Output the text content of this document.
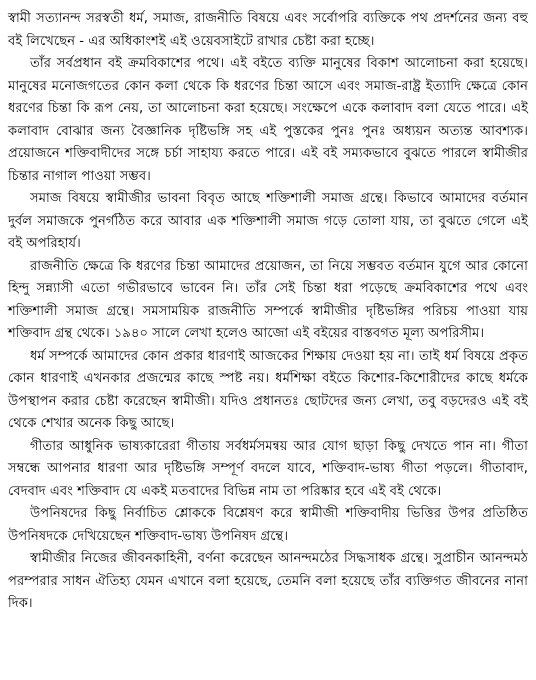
স্বামী সত্যানন্দ সরস্বতী ধর্ম, সমাজ, রাজনীতি বিষয়ে এবং সর্বোপরি ব্যক্তিকে পথ প্রদর্শনের জন্য বহু বই লিখেছেন - এর অধিকাংশই এই ওয়েবসাইটে রাখার চেষ্টা করা হচ্ছে।

তাঁর সর্বপ্রধান বই ক্রমবিকাশের পথে। এই বইতে ব্যক্তি মানুষের বিকাশ আলোচনা করা হয়েছে। মানুষের মনোজগতের কোন কলা থেকে কি ধরণের চিন্তা আসে এবং সমাজ-রাষ্ট্র ইত্যাদি ক্ষেত্রে কোন ধরণের চিন্তা কি রূপ নেয়, তা আলোচনা করা হয়েছে। সংক্ষেপে একে কলাবাদ বলা যেতে পারে। এই কলাবাদ বোঝার জন্য বৈজ্ঞানিক দৃষ্টিভঙ্গি সহ এই পুস্তকের পুনঃ পুনঃ অধ্যয়ন অত্যন্ত আবশ্যক। প্রয়োজনে শক্তিবাদীদের সঙ্গে চর্চা সাহায্য করতে পারে। এই বই সম্যকভাবে বুঝতে পারলে স্বামীজীর চিন্তার নাগাল পাওয়া সম্ভব।

সমাজ বিষয়ে স্বামীজীর ভাবনা বিবৃত আছে শক্তিশালী সমাজ গ্রন্থে। কিভাবে আমাদের বর্তমান দুর্বল সমাজকে পুনর্গঠিত করে আবার এক শক্তিশালী সমাজ গড়ে তোলা যায়, তা বুঝতে গেলে এই বই অপরিহার্য।

রাজনীতি ক্ষেত্রে কি ধরণের চিন্তা আমাদের প্রয়োজন, তা নিয়ে সম্ভবত বর্তমান যুগে আর কোনো হিন্দু সন্ন্যাসী এতো গভীরভাবে ভাবেন নি। তাঁর সেই চিন্তা ধরা পড়েছে ক্রমবিকাশের পথে এবং শক্তিশালী সমাজ গ্রন্থে। সমসাময়িক রাজনীতি সম্পর্কে স্বামীজীর দৃষ্টিভঙ্গির পরিচয় পাওয়া যায় শক্তিবাদ গ্রন্থ থেকে। ১৯৪০ সালে লেখা হলেও আজো এই বইয়ের বাস্তবগত মূল্য অপরিসীম।

ধর্ম সম্পর্কে আমাদের কোন প্রকার ধারণাই আজকের শিক্ষায় দেওয়া হয় না। তাই ধর্ম বিষয়ে প্রকৃত কোন ধারণাই এখনকার প্রজন্মের কাছে স্পষ্ট নয়। ধর্মশিক্ষা বইতে কিশোর-কিশোরীদের কাছে ধর্মকে উপস্থাপন করার চেষ্টা করেছেন স্বামীজী। যদিও প্রধানতঃ ছোটদের জন্য লেখা, তবু বড়দেরও এই বই থেকে শেখার অনেক কিছু আছে।

গীতার আধুনিক ভাষ্যকারেরা গীতায় সর্বধর্মসমন্বয় আর যোগ ছাড়া কিছু দেখতে পান না। গীতা সম্বন্ধে আপনার ধারণা আর দৃষ্টিভঙ্গি সম্পূর্ণ বদলে যাবে, শক্তিবাদ-ভাষ্য গীতা পড়লে। গীতাবাদ, বেদবাদ এবং শক্তিবাদ যে একই মতবাদের বিভিন্ন নাম তা পরিষ্কার হবে এই বই থেকে।

উপনিষদের কিছু নির্বাচিত শ্লোককে বিশ্লেষণ করে স্বামীজী শক্তিবাদীয় ভিত্তির উপর প্রতিষ্ঠিত উপনিষদকে দেখিয়েছেন শক্তিবাদ-ভাষ্য উপনিষদ গ্রন্থে।

স্বামীজীর নিজের জীবনকাহিনী, বর্ণনা করেছেন আনন্দমঠের সিদ্ধসাধক গ্রন্থে। সুপ্রাচীন আনন্দমঠ পরম্পরার সাধন ঐতিহ্য যেমন এখানে বলা হয়েছে, তেমনি বলা হয়েছে তাঁর ব্যক্তিগত জীবনের নানা দিক।
